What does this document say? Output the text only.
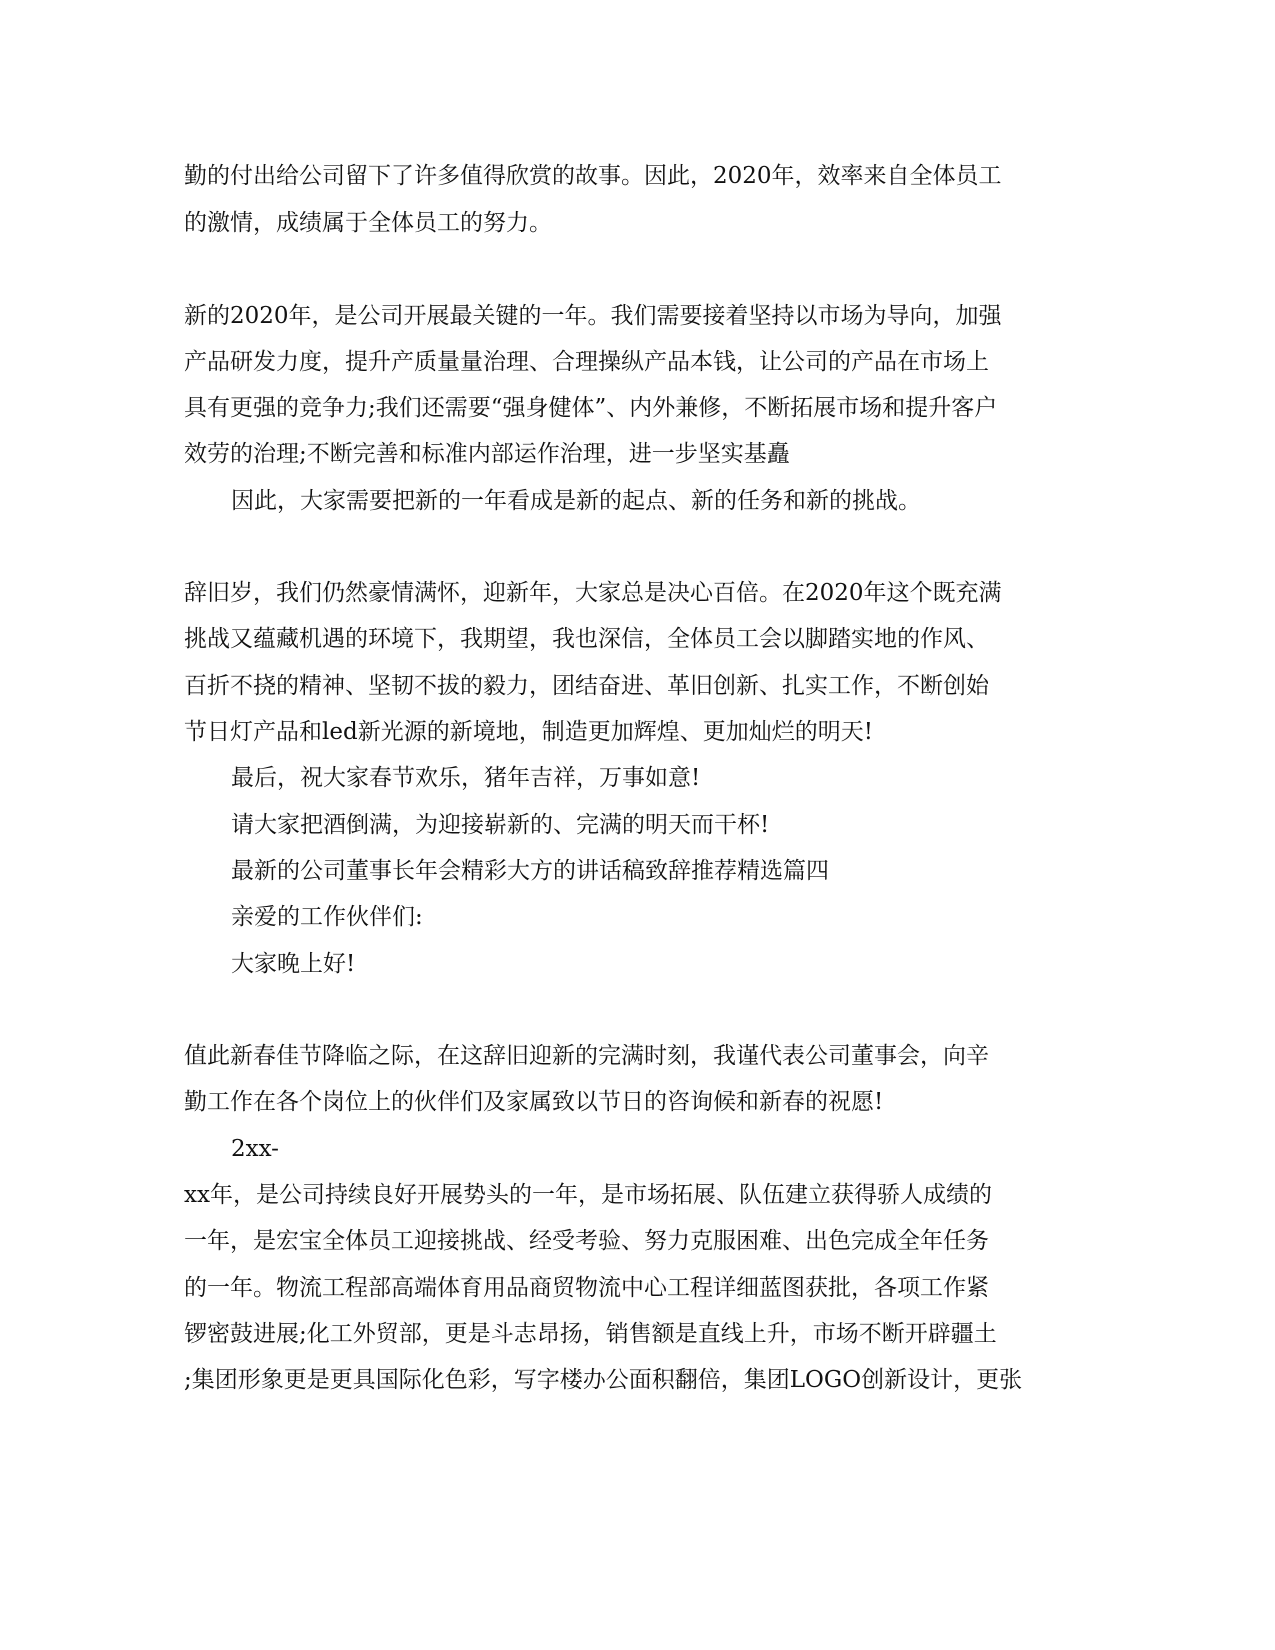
勤的付出给公司留下了许多值得欣赏的故事。因此，2020年，效率来自全体员工
的激情，成绩属于全体员工的努力。
新的2020年，是公司开展最关键的一年。我们需要接着坚持以市场为导向，加强
产品研发力度，提升产质量量治理、合理操纵产品本钱，让公司的产品在市场上
具有更强的竞争力;我们还需要“强身健体”、内外兼修，不断拓展市场和提升客户
效劳的治理;不断完善和标准内部运作治理，进一步坚实基矗
因此，大家需要把新的一年看成是新的起点、新的任务和新的挑战。
辞旧岁，我们仍然豪情满怀，迎新年，大家总是决心百倍。在2020年这个既充满
挑战又蕴藏机遇的环境下，我期望，我也深信，全体员工会以脚踏实地的作风、
百折不挠的精神、坚韧不拔的毅力，团结奋进、革旧创新、扎实工作，不断创始
节日灯产品和led新光源的新境地，制造更加辉煌、更加灿烂的明天!
最后，祝大家春节欢乐，猪年吉祥，万事如意!
请大家把酒倒满，为迎接崭新的、完满的明天而干杯!
最新的公司董事长年会精彩大方的讲话稿致辞推荐精选篇四
亲爱的工作伙伴们:
大家晚上好!
值此新春佳节降临之际，在这辞旧迎新的完满时刻，我谨代表公司董事会，向辛
勤工作在各个岗位上的伙伴们及家属致以节日的咨询候和新春的祝愿!
2xx-
xx年，是公司持续良好开展势头的一年，是市场拓展、队伍建立获得骄人成绩的
一年，是宏宝全体员工迎接挑战、经受考验、努力克服困难、出色完成全年任务
的一年。物流工程部高端体育用品商贸物流中心工程详细蓝图获批，各项工作紧
锣密鼓进展;化工外贸部，更是斗志昂扬，销售额是直线上升，市场不断开辟疆土
;集团形象更是更具国际化色彩，写字楼办公面积翻倍，集团LOGO创新设计，更张
